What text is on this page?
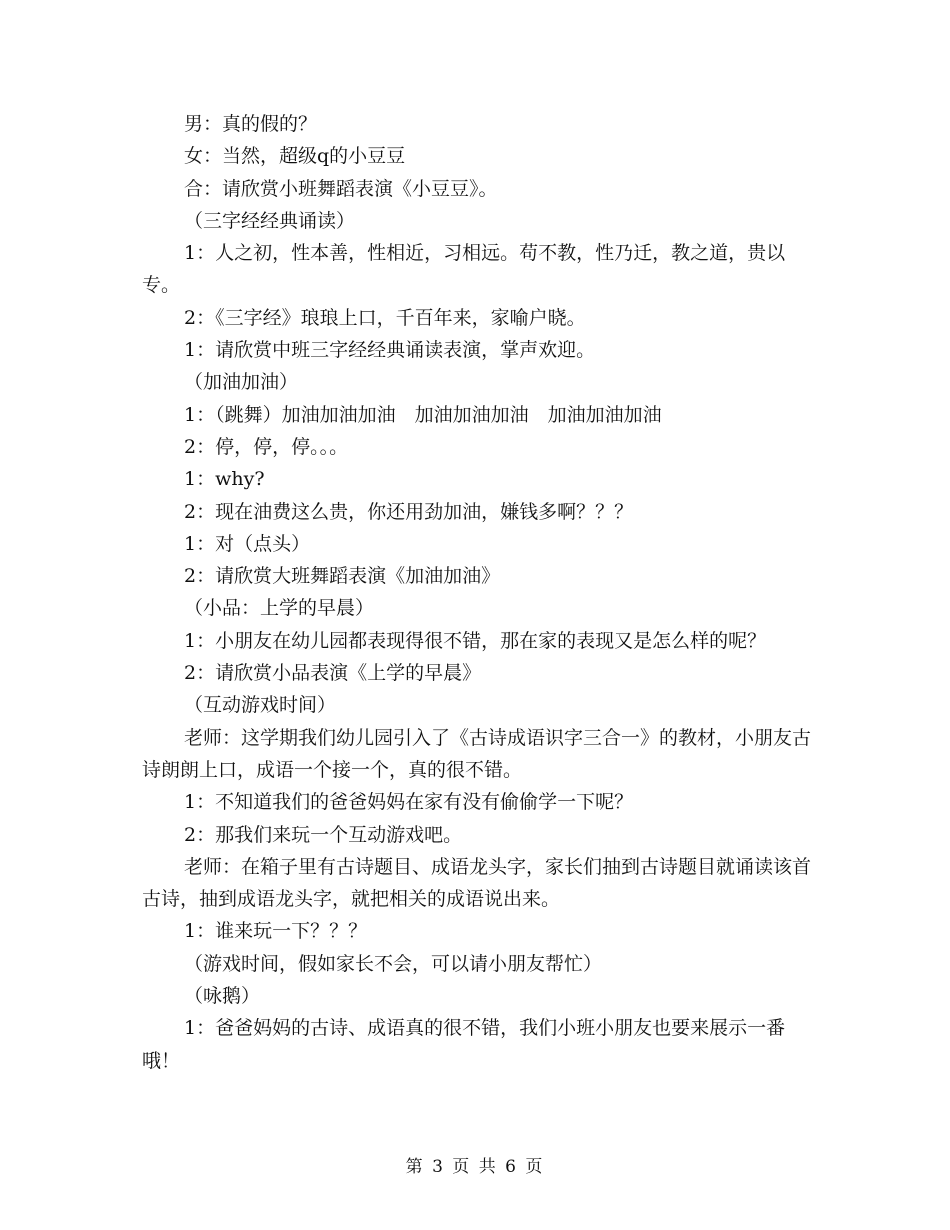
男：真的假的？

女：当然，超级q的小豆豆

合：请欣赏小班舞蹈表演《小豆豆》。

（三字经经典诵读）

1：人之初，性本善，性相近，习相远。苟不教，性乃迁，教之道，贵以专。

2：《三字经》琅琅上口，千百年来，家喻户晓。

1：请欣赏中班三字经经典诵读表演，掌声欢迎。

（加油加油）

1：（跳舞）加油加油加油　加油加油加油　加油加油加油

2：停，停，停。。。

1：why?

2：现在油费这么贵，你还用劲加油，嫌钱多啊？？？

1：对（点头）

2：请欣赏大班舞蹈表演《加油加油》

（小品：上学的早晨）

1：小朋友在幼儿园都表现得很不错，那在家的表现又是怎么样的呢？

2：请欣赏小品表演《上学的早晨》

（互动游戏时间）

老师：这学期我们幼儿园引入了《古诗成语识字三合一》的教材，小朋友古诗朗朗上口，成语一个接一个，真的很不错。

1：不知道我们的爸爸妈妈在家有没有偷偷学一下呢？

2：那我们来玩一个互动游戏吧。

老师：在箱子里有古诗题目、成语龙头字，家长们抽到古诗题目就诵读该首古诗，抽到成语龙头字，就把相关的成语说出来。

1：谁来玩一下？？？

（游戏时间，假如家长不会，可以请小朋友帮忙）

（咏鹅）

1：爸爸妈妈的古诗、成语真的很不错，我们小班小朋友也要来展示一番哦！

第 3 页 共 6 页
